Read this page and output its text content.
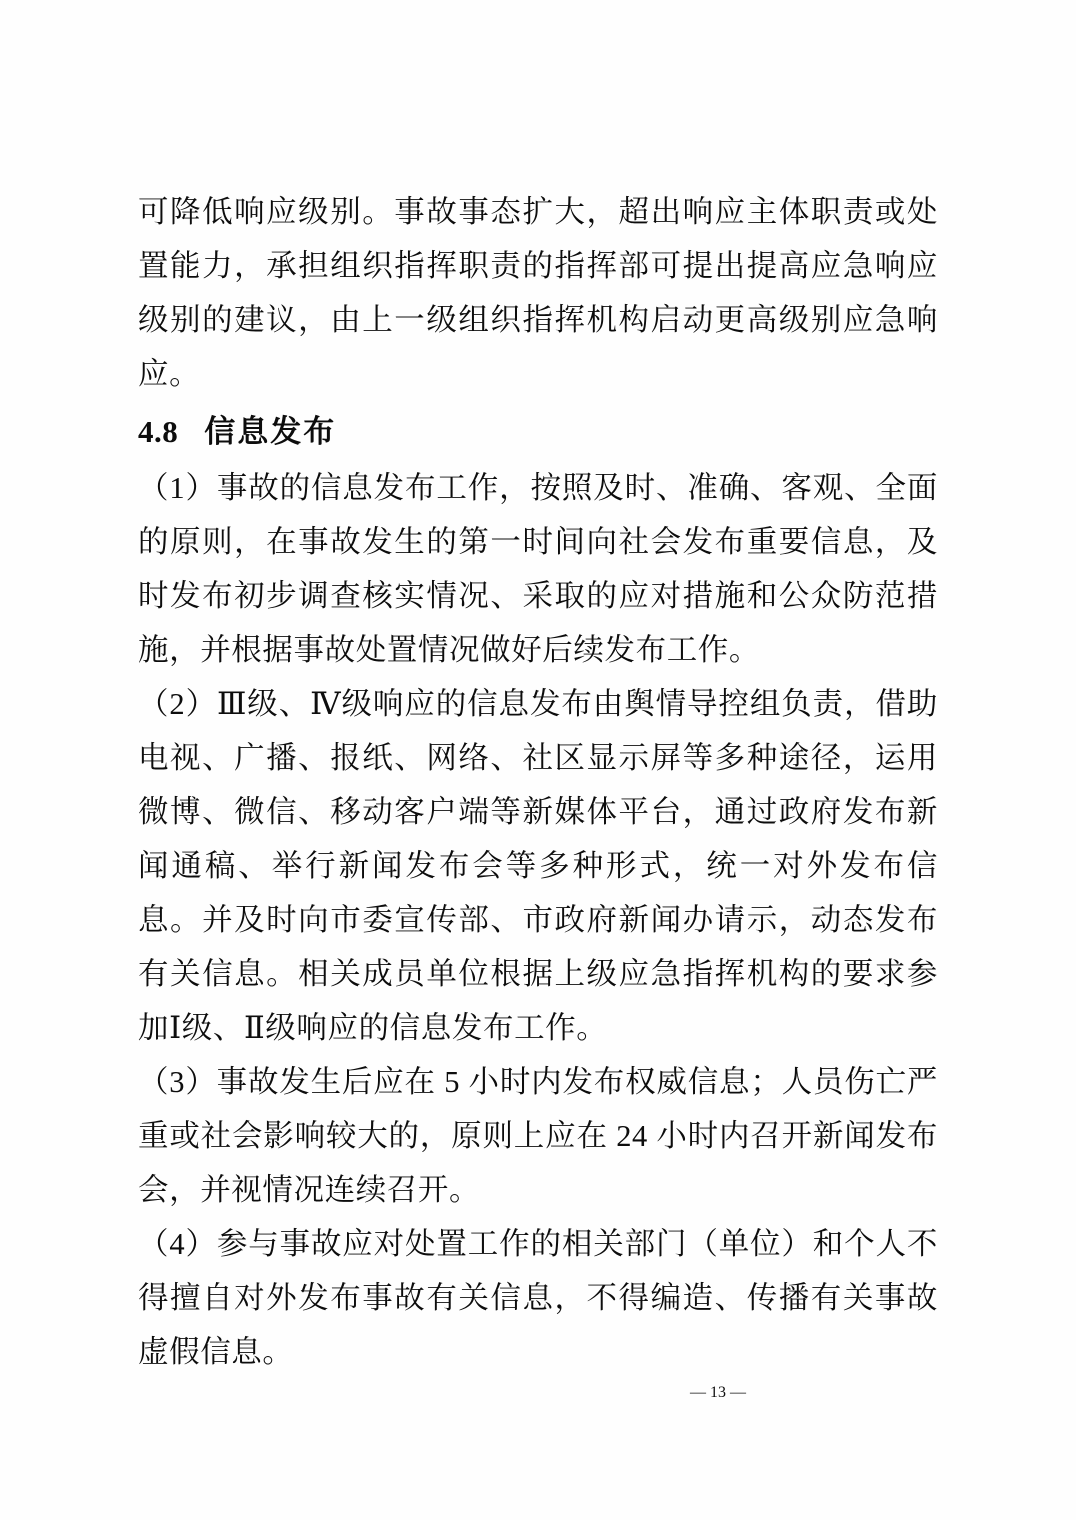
可降低响应级别。事故事态扩大，超出响应主体职责或处置能力，承担组织指挥职责的指挥部可提出提高应急响应级别的建议，由上一级组织指挥机构启动更高级别应急响应。

4.8 信息发布

（1）事故的信息发布工作，按照及时、准确、客观、全面的原则，在事故发生的第一时间向社会发布重要信息，及时发布初步调查核实情况、采取的应对措施和公众防范措施，并根据事故处置情况做好后续发布工作。

（2）Ⅲ级、Ⅳ级响应的信息发布由舆情导控组负责，借助电视、广播、报纸、网络、社区显示屏等多种途径，运用微博、微信、移动客户端等新媒体平台，通过政府发布新闻通稿、举行新闻发布会等多种形式，统一对外发布信息。并及时向市委宣传部、市政府新闻办请示，动态发布有关信息。相关成员单位根据上级应急指挥机构的要求参加Ⅰ级、Ⅱ级响应的信息发布工作。

（3）事故发生后应在 5 小时内发布权威信息；人员伤亡严重或社会影响较大的，原则上应在 24 小时内召开新闻发布会，并视情况连续召开。

（4）参与事故应对处置工作的相关部门（单位）和个人不得擅自对外发布事故有关信息，不得编造、传播有关事故虚假信息。

— 13 —
